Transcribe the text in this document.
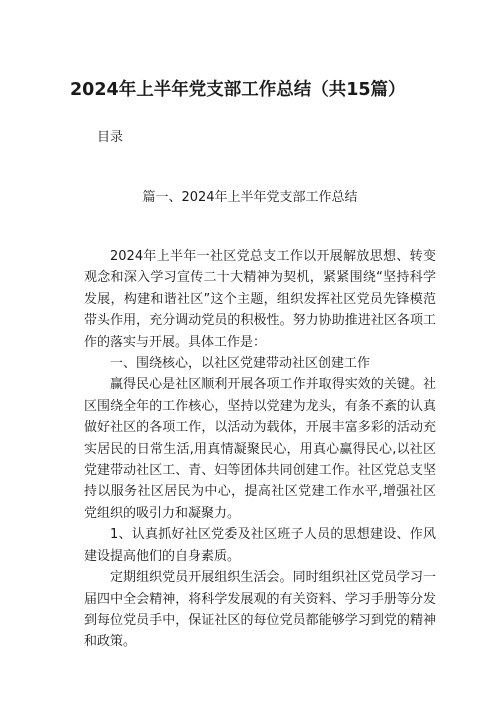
2024年上半年党支部工作总结（共15篇）
目录
篇一、2024年上半年党支部工作总结

2024年上半年一社区党总支工作以开展解放思想、转变观念和深入学习宣传二十大精神为契机，紧紧围绕“坚持科学发展，构建和谐社区”这个主题，组织发挥社区党员先锋模范带头作用，充分调动党员的积极性。努力协助推进社区各项工作的落实与开展。具体工作是：

一、围绕核心，以社区党建带动社区创建工作

赢得民心是社区顺利开展各项工作并取得实效的关键。社区围绕全年的工作核心，坚持以党建为龙头，有条不紊的认真做好社区的各项工作，以活动为载体，开展丰富多彩的活动充实居民的日常生活,用真情凝聚民心，用真心赢得民心,以社区党建带动社区工、青、妇等团体共同创建工作。社区党总支坚持以服务社区居民为中心，提高社区党建工作水平,增强社区党组织的吸引力和凝聚力。

1、认真抓好社区党委及社区班子人员的思想建设、作风建设提高他们的自身素质。

定期组织党员开展组织生活会。同时组织社区党员学习一届四中全会精神，将科学发展观的有关资料、学习手册等分发到每位党员手中，保证社区的每位党员都能够学习到党的精神和政策。
